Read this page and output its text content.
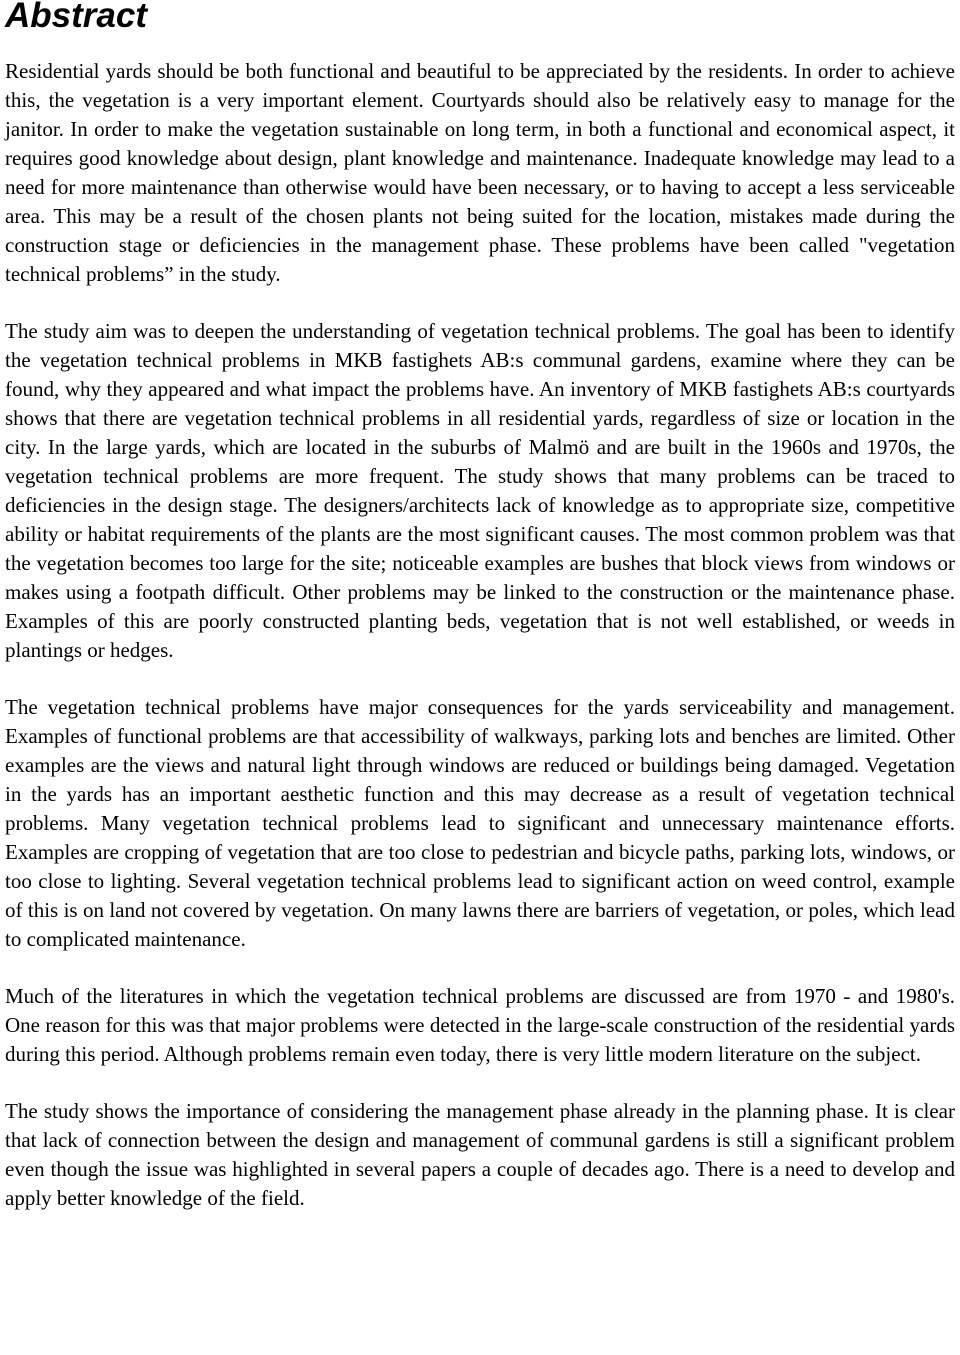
Abstract

Residential yards should be both functional and beautiful to be appreciated by the residents. In order to achieve this, the vegetation is a very important element. Courtyards should also be relatively easy to manage for the janitor. In order to make the vegetation sustainable on long term, in both a functional and economical aspect, it requires good knowledge about design, plant knowledge and maintenance. Inadequate knowledge may lead to a need for more maintenance than otherwise would have been necessary, or to having to accept a less serviceable area. This may be a result of the chosen plants not being suited for the location, mistakes made during the construction stage or deficiencies in the management phase. These problems have been called "vegetation technical problems” in the study.

The study aim was to deepen the understanding of vegetation technical problems. The goal has been to identify the vegetation technical problems in MKB fastighets AB:s communal gardens, examine where they can be found, why they appeared and what impact the problems have. An inventory of MKB fastighets AB:s courtyards shows that there are vegetation technical problems in all residential yards, regardless of size or location in the city. In the large yards, which are located in the suburbs of Malmö and are built in the 1960s and 1970s, the vegetation technical problems are more frequent. The study shows that many problems can be traced to deficiencies in the design stage. The designers/architects lack of knowledge as to appropriate size, competitive ability or habitat requirements of the plants are the most significant causes. The most common problem was that the vegetation becomes too large for the site; noticeable examples are bushes that block views from windows or makes using a footpath difficult. Other problems may be linked to the construction or the maintenance phase. Examples of this are poorly constructed planting beds, vegetation that is not well established, or weeds in plantings or hedges.

The vegetation technical problems have major consequences for the yards serviceability and management. Examples of functional problems are that accessibility of walkways, parking lots and benches are limited. Other examples are the views and natural light through windows are reduced or buildings being damaged. Vegetation in the yards has an important aesthetic function and this may decrease as a result of vegetation technical problems. Many vegetation technical problems lead to significant and unnecessary maintenance efforts. Examples are cropping of vegetation that are too close to pedestrian and bicycle paths, parking lots, windows, or too close to lighting. Several vegetation technical problems lead to significant action on weed control, example of this is on land not covered by vegetation. On many lawns there are barriers of vegetation, or poles, which lead to complicated maintenance.

Much of the literatures in which the vegetation technical problems are discussed are from 1970 - and 1980's. One reason for this was that major problems were detected in the large-scale construction of the residential yards during this period. Although problems remain even today, there is very little modern literature on the subject.

The study shows the importance of considering the management phase already in the planning phase. It is clear that lack of connection between the design and management of communal gardens is still a significant problem even though the issue was highlighted in several papers a couple of decades ago. There is a need to develop and apply better knowledge of the field.
